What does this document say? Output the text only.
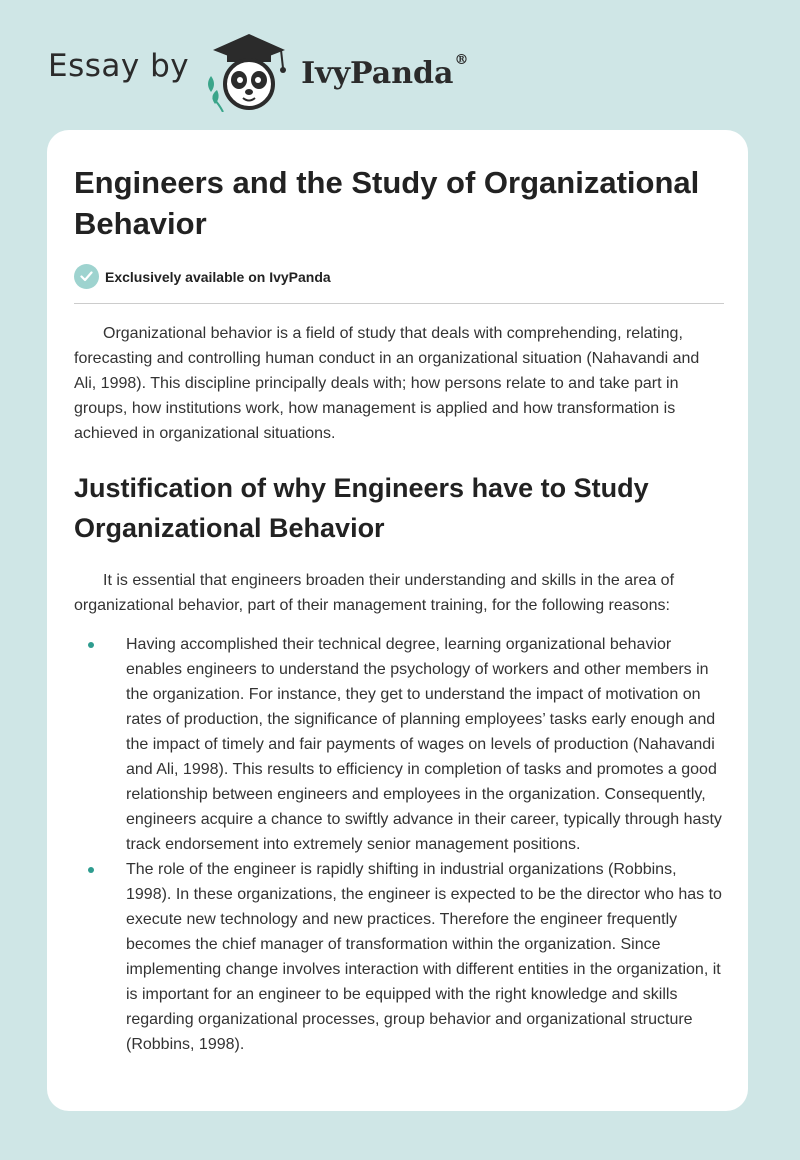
Essay by	IvyPanda®
Engineers and the Study of Organizational Behavior
Exclusively available on IvyPanda

Organizational behavior is a field of study that deals with comprehending, relating, forecasting and controlling human conduct in an organizational situation (Nahavandi and Ali, 1998). This discipline principally deals with; how persons relate to and take part in groups, how institutions work, how management is applied and how transformation is achieved in organizational situations.

Justification of why Engineers have to Study Organizational Behavior

It is essential that engineers broaden their understanding and skills in the area of organizational behavior, part of their management training, for the following reasons:

Having accomplished their technical degree, learning organizational behavior enables engineers to understand the psychology of workers and other members in the organization. For instance, they get to understand the impact of motivation on rates of production, the significance of planning employees’ tasks early enough and the impact of timely and fair payments of wages on levels of production (Nahavandi and Ali, 1998). This results to efficiency in completion of tasks and promotes a good relationship between engineers and employees in the organization. Consequently, engineers acquire a chance to swiftly advance in their career, typically through hasty track endorsement into extremely senior management positions.
The role of the engineer is rapidly shifting in industrial organizations (Robbins, 1998). In these organizations, the engineer is expected to be the director who has to execute new technology and new practices. Therefore the engineer frequently becomes the chief manager of transformation within the organization. Since implementing change involves interaction with different entities in the organization, it is important for an engineer to be equipped with the right knowledge and skills regarding organizational processes, group behavior and organizational structure (Robbins, 1998).
